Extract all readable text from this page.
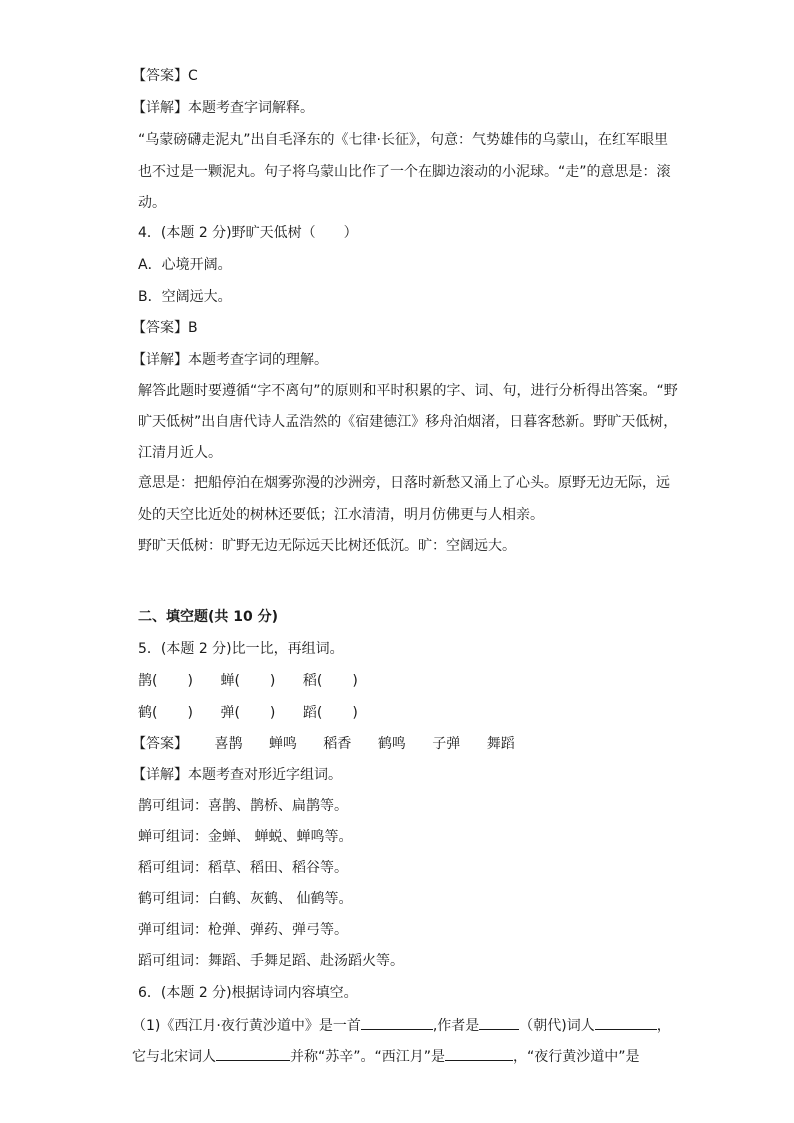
【答案】C
【详解】本题考查字词解释。
“乌蒙磅礴走泥丸”出自毛泽东的《七律·长征》，句意：气势雄伟的乌蒙山，在红军眼里
也不过是一颗泥丸。句子将乌蒙山比作了一个在脚边滚动的小泥球。“走”的意思是：滚
动。
4．(本题 2 分)野旷天低树（　　）
A．心境开阔。
B．空阔远大。
【答案】B
【详解】本题考查字词的理解。
解答此题时要遵循“字不离句”的原则和平时积累的字、词、句，进行分析得出答案。“野
旷天低树”出自唐代诗人孟浩然的《宿建德江》移舟泊烟渚，日暮客愁新。野旷天低树，
江清月近人。
意思是：把船停泊在烟雾弥漫的沙洲旁，日落时新愁又涌上了心头。原野无边无际，远
处的天空比近处的树林还要低；江水清清，明月仿佛更与人相亲。
野旷天低树：旷野无边无际远天比树还低沉。旷：空阔远大。
二、填空题(共 10 分)
5．(本题 2 分)比一比，再组词。
鹊( ) 蝉( ) 稻( )
鹤( ) 弹( ) 蹈( )
【答案】 喜鹊 蝉鸣 稻香 鹤鸣 子弹 舞蹈
【详解】本题考查对形近字组词。
鹊可组词：喜鹊、鹊桥、扁鹊等。
蝉可组词：金蝉、 蝉蜕、蝉鸣等。
稻可组词：稻草、稻田、稻谷等。
鹤可组词：白鹤、灰鹤、 仙鹤等。
弹可组词：枪弹、弹药、弹弓等。
蹈可组词：舞蹈、手舞足蹈、赴汤蹈火等。
6．(本题 2 分)根据诗词内容填空。
（1)《西江月·夜行黄沙道中》是一首	,作者是	（朝代)词人	，
它与北宋词人	并称“苏辛”。“西江月”是	，“夜行黄沙道中”是
